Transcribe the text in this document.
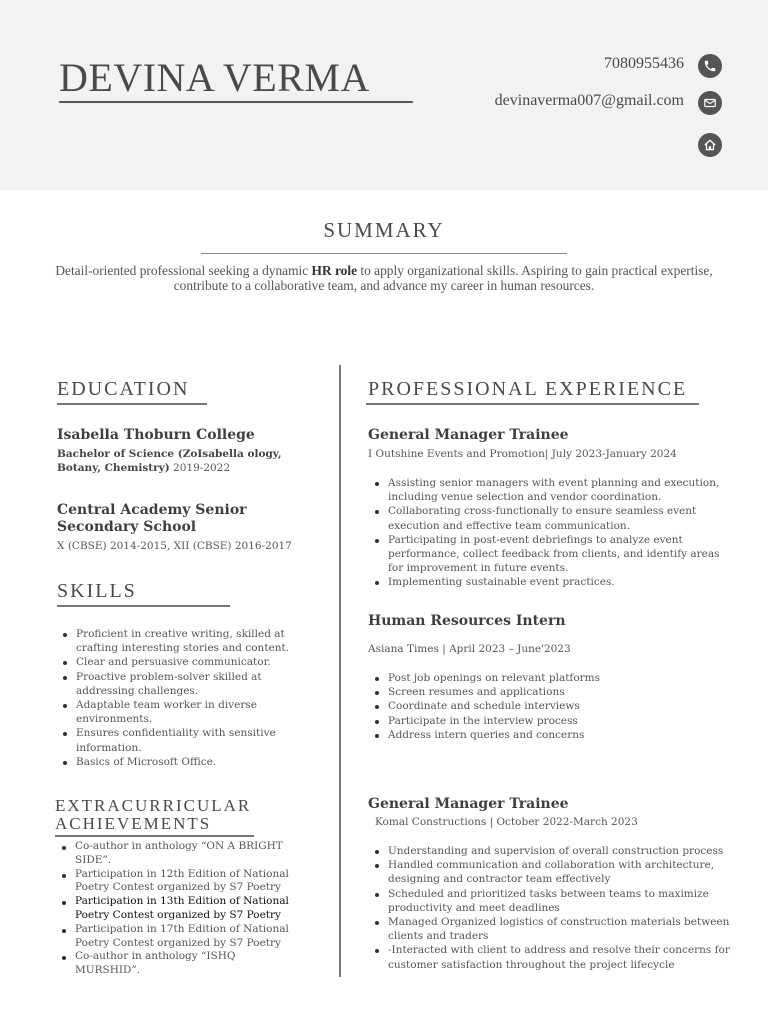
DEVINA VERMA	7080955436
devinaverma007@gmail.com
SUMMARY
Detail-oriented professional seeking a dynamic HR role to apply organizational skills. Aspiring to gain practical expertise, contribute to a collaborative team, and advance my career in human resources.
EDUCATION
Isabella Thoburn College
Bachelor of Science (ZoIsabella ology, Botany, Chemistry) 2019-2022
Central Academy Senior Secondary School
X (CBSE) 2014-2015, XII (CBSE) 2016-2017
SKILLS
Proficient in creative writing, skilled at crafting interesting stories and content.
Clear and persuasive communicator.
Proactive problem-solver skilled at addressing challenges.
Adaptable team worker in diverse environments.
Ensures confidentiality with sensitive information.
Basics of Microsoft Office.
EXTRACURRICULAR
ACHIEVEMENTS
Co-author in anthology “ON A BRIGHT SIDE”.
Participation in 12th Edition of National Poetry Contest organized by S7 Poetry
Participation in 13th Edition of National Poetry Contest organized by S7 Poetry
Participation in 17th Edition of National Poetry Contest organized by S7 Poetry
Co-author in anthology “ISHQ MURSHID”.
PROFESSIONAL EXPERIENCE
General Manager Trainee
I Outshine Events and Promotion| July 2023-January 2024
Assisting senior managers with event planning and execution, including venue selection and vendor coordination.
Collaborating cross-functionally to ensure seamless event execution and effective team communication.
Participating in post-event debriefings to analyze event performance, collect feedback from clients, and identify areas for improvement in future events.
Implementing sustainable event practices.
Human Resources Intern
Asiana Times | April 2023 – June'2023
Post job openings on relevant platforms
Screen resumes and applications
Coordinate and schedule interviews
Participate in the interview process
Address intern queries and concerns
General Manager Trainee
Komal Constructions | October 2022-March 2023
Understanding and supervision of overall construction process
Handled communication and collaboration with architecture, designing and contractor team effectively
Scheduled and prioritized tasks between teams to maximize productivity and meet deadlines
Managed Organized logistics of construction materials between clients and traders
-Interacted with client to address and resolve their concerns for customer satisfaction throughout the project lifecycle
